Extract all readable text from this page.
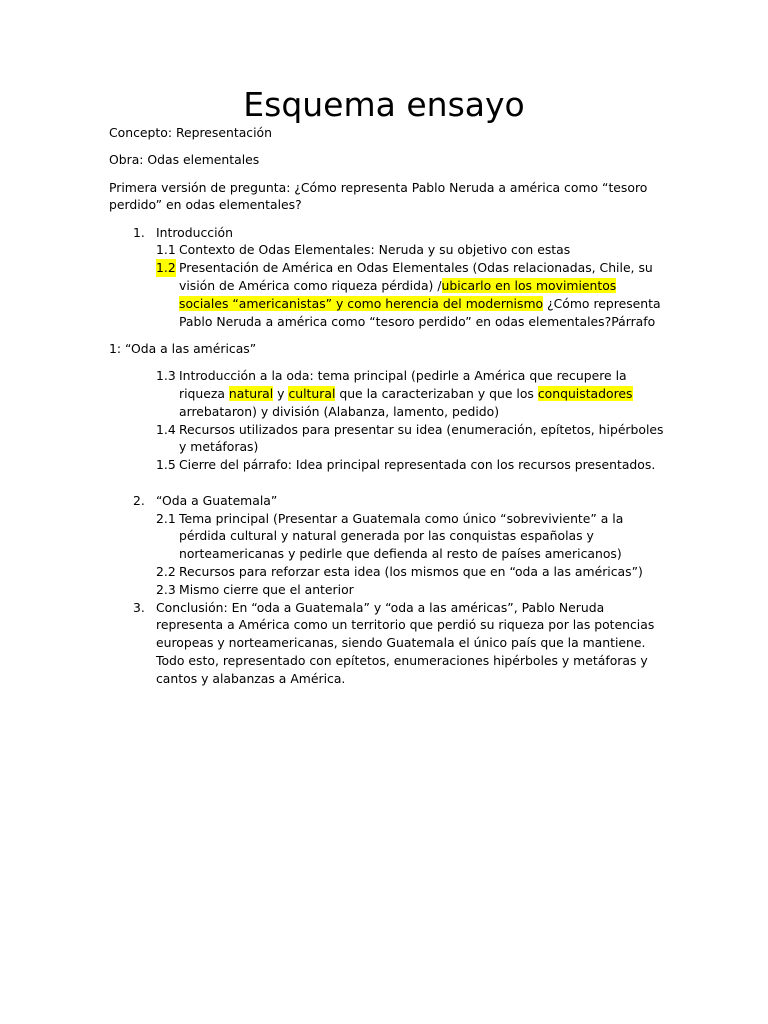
Esquema ensayo

Concepto: Representación

Obra: Odas elementales

Primera versión de pregunta: ¿Cómo representa Pablo Neruda a américa como “tesoro perdido” en odas elementales?

1. Introducción
1.1 Contexto de Odas Elementales: Neruda y su objetivo con estas
1.2 Presentación de América en Odas Elementales (Odas relacionadas, Chile, su visión de América como riqueza pérdida) /ubicarlo en los movimientos sociales “americanistas” y como herencia del modernismo ¿Cómo representa Pablo Neruda a américa como “tesoro perdido” en odas elementales?Párrafo

1: “Oda a las américas”

1.3 Introducción a la oda: tema principal (pedirle a América que recupere la riqueza natural y cultural que la caracterizaban y que los conquistadores arrebataron) y división (Alabanza, lamento, pedido)
1.4 Recursos utilizados para presentar su idea (enumeración, epítetos, hipérboles y metáforas)
1.5 Cierre del párrafo: Idea principal representada con los recursos presentados.
2. “Oda a Guatemala”
2.1 Tema principal (Presentar a Guatemala como único “sobreviviente” a la pérdida cultural y natural generada por las conquistas españolas y norteamericanas y pedirle que defienda al resto de países americanos)
2.2 Recursos para reforzar esta idea (los mismos que en “oda a las américas”)
2.3 Mismo cierre que el anterior
3. Conclusión: En “oda a Guatemala” y “oda a las américas”, Pablo Neruda representa a América como un territorio que perdió su riqueza por las potencias europeas y norteamericanas, siendo Guatemala el único país que la mantiene. Todo esto, representado con epítetos, enumeraciones hipérboles y metáforas y cantos y alabanzas a América.
